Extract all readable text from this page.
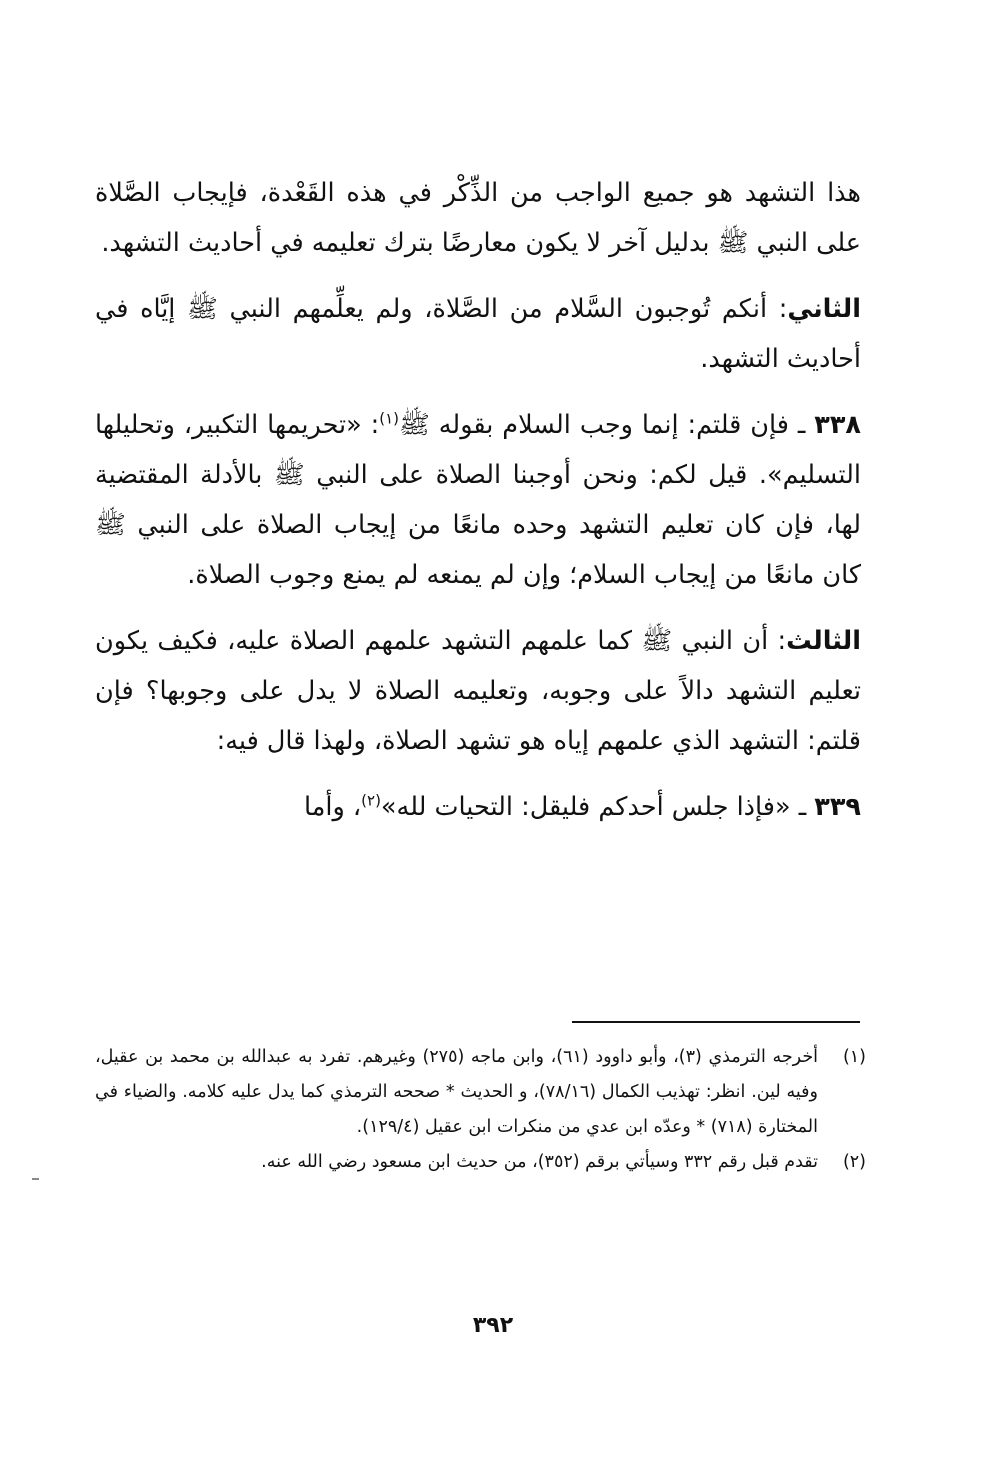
هذا التشهد هو جميع الواجب من الذِّكْر في هذه القَعْدة، فإيجاب الصَّلاة على النبي ﷺ بدليل آخر لا يكون معارضًا بترك تعليمه في أحاديث التشهد.

الثاني: أنكم تُوجبون السَّلام من الصَّلاة، ولم يعلِّمهم النبي ﷺ إيَّاه في أحاديث التشهد.

٣٣٨ ـ فإن قلتم: إنما وجب السلام بقوله ﷺ$^{(١)}$: «تحريمها التكبير، وتحليلها التسليم». قيل لكم: ونحن أوجبنا الصلاة على النبي ﷺ بالأدلة المقتضية لها، فإن كان تعليم التشهد وحده مانعًا من إيجاب الصلاة على النبي ﷺ كان مانعًا من إيجاب السلام؛ وإن لم يمنعه لم يمنع وجوب الصلاة.

الثالث: أن النبي ﷺ كما علمهم التشهد علمهم الصلاة عليه، فكيف يكون تعليم التشهد دالاً على وجوبه، وتعليمه الصلاة لا يدل على وجوبها؟ فإن قلتم: التشهد الذي علمهم إياه هو تشهد الصلاة، ولهذا قال فيه:

٣٣٩ ـ «فإذا جلس أحدكم فليقل: التحيات لله»$^{(٢)}$، وأما

(١)
أخرجه الترمذي (٣)، وأبو داوود (٦١)، وابن ماجه (٢٧٥) وغيرهم. تفرد به عبدالله بن محمد بن عقيل، وفيه لين. انظر: تهذيب الكمال (٧٨/١٦)، و الحديث * صححه الترمذي كما يدل عليه كلامه. والضياء في المختارة (٧١٨) * وعدّه ابن عدي من منكرات ابن عقيل (١٢٩/٤).
(٢)
تقدم قبل رقم ٣٣٢ وسيأتي برقم (٣٥٢)، من حديث ابن مسعود رضي الله عنه.
٣٩٢
